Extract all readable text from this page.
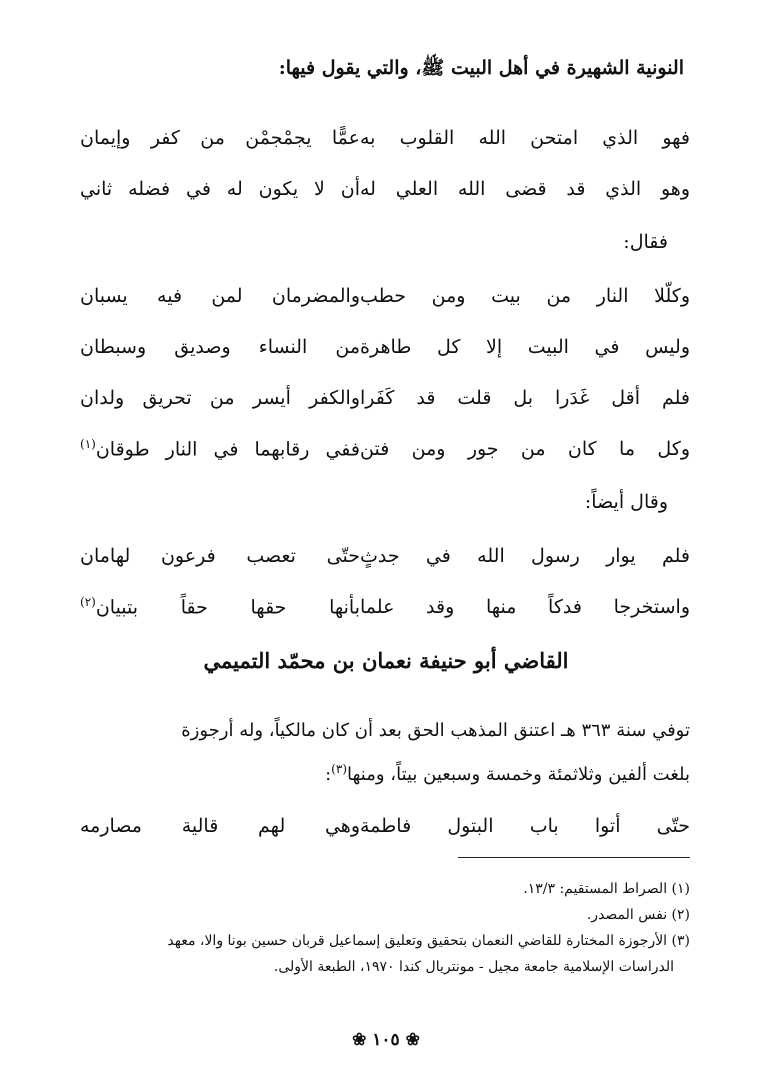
النونية الشهيرة في أهل البيت ﷺ، والتي يقول فيها:
فهو الذي امتحن الله القلوب به
عمًّا يجمْجمْن من كفر وإيمان
وهو الذي قد قضى الله العلي له
أن لا يكون له في فضله ثاني
فقال:
وكلّلا النار من بيت ومن حطب
والمضرمان لمن فيه يسبان
وليس في البيت إلا كل طاهرة
من النساء وصديق وسبطان
فلم أقل غَدَرا بل قلت قد كَفَرا
والكفر أيسر من تحريق ولدان
وكل ما كان من جور ومن فتن
ففي رقابهما في النار طوقان$^{(١)}$
وقال أيضاً:
فلم يوار رسول الله في جدثٍ
حتّى تعصب فرعون لهامان
واستخرجا فدكاً منها وقد علما
بأنها حقها حقاً بتبيان$^{(٢)}$
القاضي أبو حنيفة نعمان بن محمّد التميمي
توفي سنة ٣٦٣ هـ اعتنق المذهب الحق بعد أن كان مالكياً، وله أرجوزة
بلغت ألفين وثلاثمئة وخمسة وسبعين بيتاً، ومنها$^{(٣)}$:
حتّى أتوا باب البتول فاطمة
وهي لهم قالية مصارمه
(١) الصراط المستقيم: ١٣/٣.
(٢) نفس المصدر.
(٣) الأرجوزة المختارة للقاضي النعمان بتحقيق وتعليق إسماعيل قربان حسين بونا والا، معهد
الدراسات الإسلامية جامعة مجيل - مونتريال كندا ١٩٧٠، الطبعة الأولى.
❀ ١٠٥ ❀
